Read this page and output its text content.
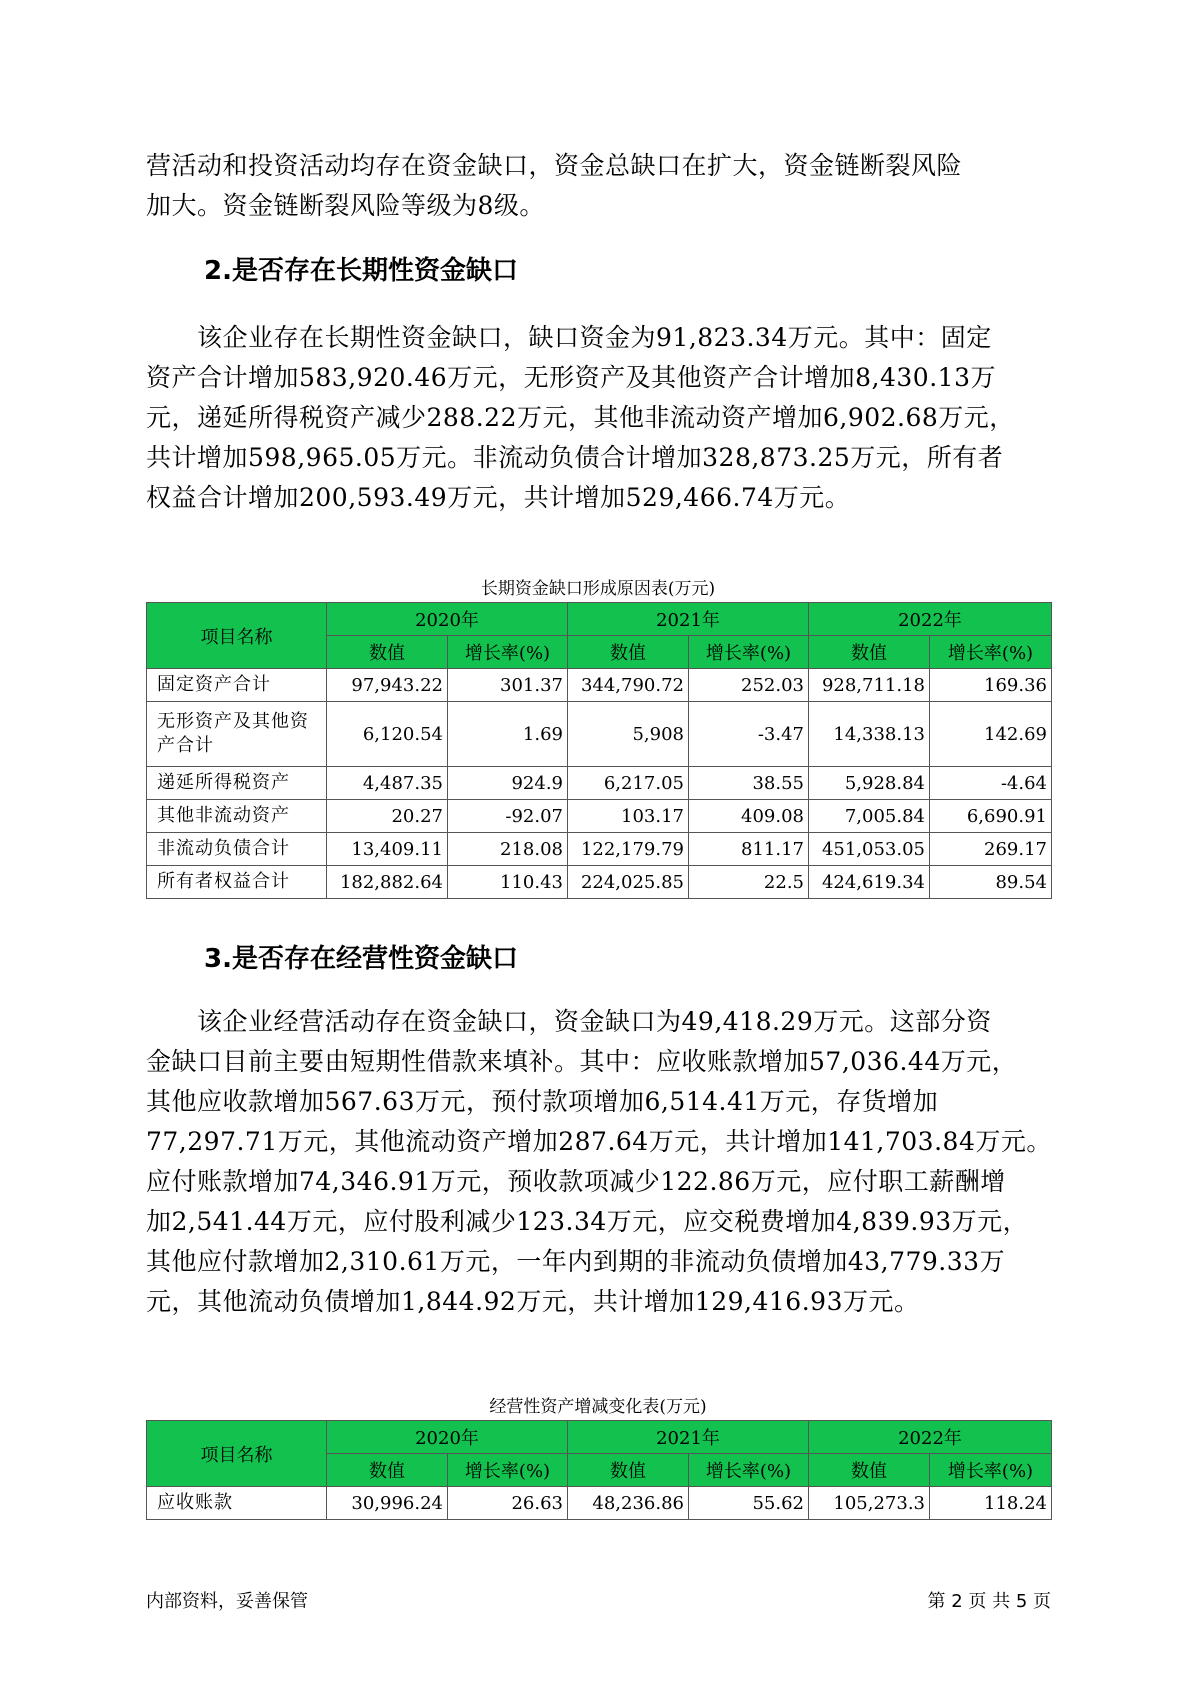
营活动和投资活动均存在资金缺口，资金总缺口在扩大，资金链断裂风险
加大。资金链断裂风险等级为8级。

2.是否存在长期性资金缺口

　　该企业存在长期性资金缺口，缺口资金为91,823.34万元。其中：固定
资产合计增加583,920.46万元，无形资产及其他资产合计增加8,430.13万
元，递延所得税资产减少288.22万元，其他非流动资产增加6,902.68万元，
共计增加598,965.05万元。非流动负债合计增加328,873.25万元，所有者
权益合计增加200,593.49万元，共计增加529,466.74万元。

长期资金缺口形成原因表(万元)

项目名称	2020年		2021年		2022年	
	数值	增长率(%)	数值	增长率(%)	数值	增长率(%)
固定资产合计	97,943.22	301.37	344,790.72	252.03	928,711.18	169.36
无形资产及其他资产合计	6,120.54	1.69	5,908	-3.47	14,338.13	142.69
递延所得税资产	4,487.35	924.9	6,217.05	38.55	5,928.84	-4.64
其他非流动资产	20.27	-92.07	103.17	409.08	7,005.84	6,690.91
非流动负债合计	13,409.11	218.08	122,179.79	811.17	451,053.05	269.17
所有者权益合计	182,882.64	110.43	224,025.85	22.5	424,619.34	89.54
3.是否存在经营性资金缺口

　　该企业经营活动存在资金缺口，资金缺口为49,418.29万元。这部分资
金缺口目前主要由短期性借款来填补。其中：应收账款增加57,036.44万元，
其他应收款增加567.63万元，预付款项增加6,514.41万元，存货增加
77,297.71万元，其他流动资产增加287.64万元，共计增加141,703.84万元。
应付账款增加74,346.91万元，预收款项减少122.86万元，应付职工薪酬增
加2,541.44万元，应付股利减少123.34万元，应交税费增加4,839.93万元，
其他应付款增加2,310.61万元，一年内到期的非流动负债增加43,779.33万
元，其他流动负债增加1,844.92万元，共计增加129,416.93万元。

经营性资产增减变化表(万元)

项目名称	2020年		2021年		2022年	
	数值	增长率(%)	数值	增长率(%)	数值	增长率(%)
应收账款	30,996.24	26.63	48,236.86	55.62	105,273.3	118.24

内部资料，妥善保管	第 2 页 共 5 页
